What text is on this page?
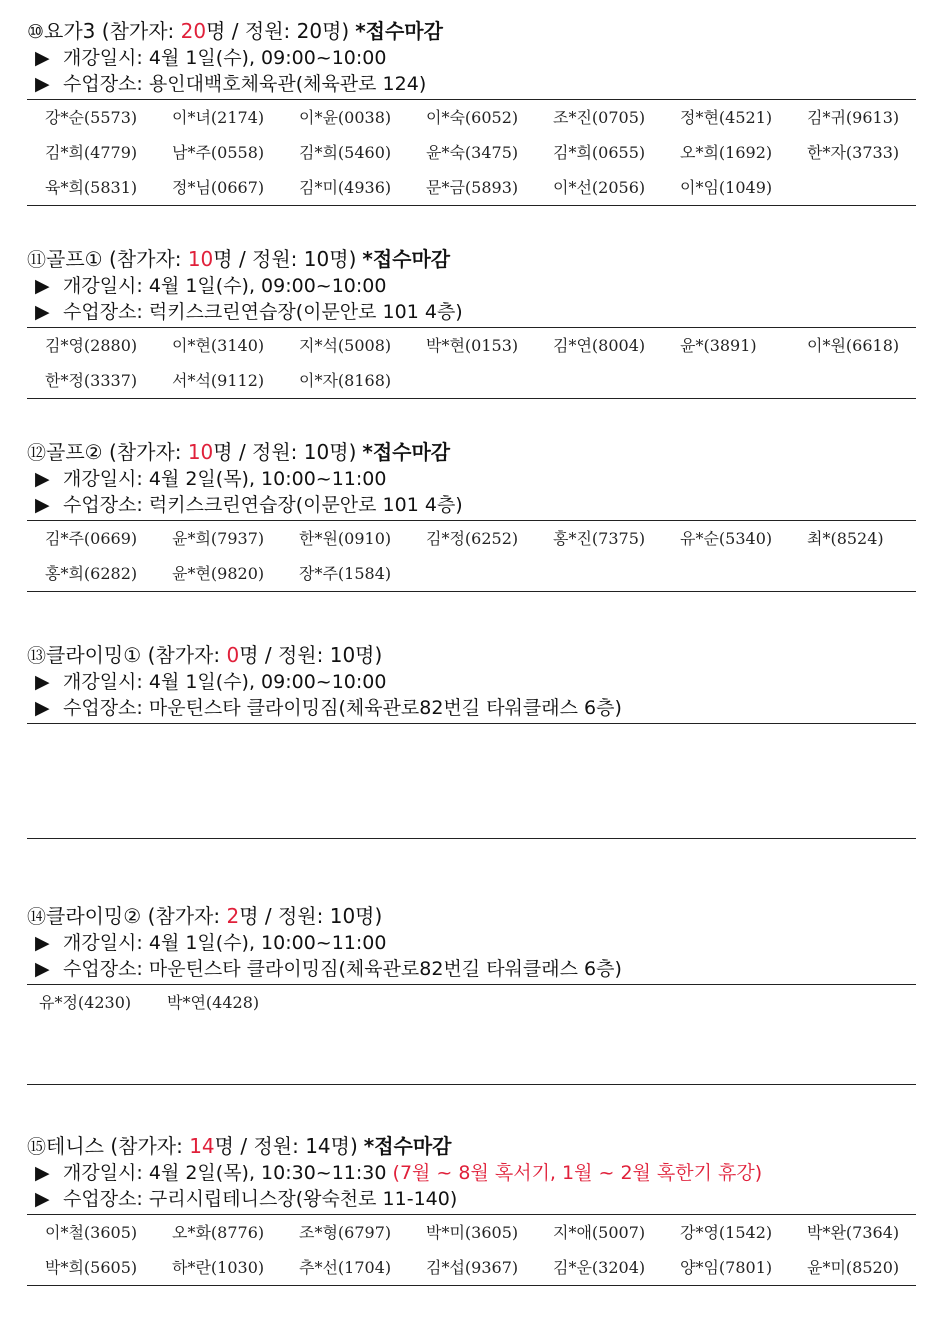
⑩요가3 (참가자: 20명 / 정원: 20명) *접수마감
▶ 개강일시: 4월 1일(수), 09:00~10:00
▶ 수업장소: 용인대백호체육관(체육관로 124)
강*순(5573) 이*녀(2174) 이*윤(0038) 이*숙(6052) 조*진(0705) 정*현(4521) 김*귀(9613)
김*희(4779) 남*주(0558) 김*희(5460) 윤*숙(3475) 김*희(0655) 오*희(1692) 한*자(3733)
육*희(5831) 정*님(0667) 김*미(4936) 문*금(5893) 이*선(2056) 이*임(1049)
⑪골프① (참가자: 10명 / 정원: 10명) *접수마감
▶ 개강일시: 4월 1일(수), 09:00~10:00
▶ 수업장소: 럭키스크린연습장(이문안로 101 4층)
김*영(2880) 이*현(3140) 지*석(5008) 박*현(0153) 김*연(8004) 윤*(3891)	이*원(6618)
한*정(3337) 서*석(9112) 이*자(8168)
⑫골프② (참가자: 10명 / 정원: 10명) *접수마감
▶ 개강일시: 4월 2일(목), 10:00~11:00
▶ 수업장소: 럭키스크린연습장(이문안로 101 4층)
김*주(0669) 윤*희(7937) 한*원(0910) 김*정(6252) 홍*진(7375) 유*순(5340) 최*(8524)
홍*희(6282) 윤*현(9820) 장*주(1584)
⑬클라이밍① (참가자: 0명 / 정원: 10명)
▶ 개강일시: 4월 1일(수), 09:00~10:00
▶ 수업장소: 마운틴스타 클라이밍짐(체육관로82번길 타워클래스 6층)
⑭클라이밍② (참가자: 2명 / 정원: 10명)
▶ 개강일시: 4월 1일(수), 10:00~11:00
▶ 수업장소: 마운틴스타 클라이밍짐(체육관로82번길 타워클래스 6층)
유*정(4230) 박*연(4428)
⑮테니스 (참가자: 14명 / 정원: 14명) *접수마감
▶ 개강일시: 4월 2일(목), 10:30~11:30 (7월 ~ 8월 혹서기, 1월 ~ 2월 혹한기 휴강)
▶ 수업장소: 구리시립테니스장(왕숙천로 11-140)
이*철(3605) 오*화(8776) 조*형(6797) 박*미(3605) 지*애(5007) 강*영(1542) 박*완(7364)
박*희(5605) 하*란(1030) 추*선(1704) 김*섭(9367) 김*운(3204) 양*임(7801) 윤*미(8520)
